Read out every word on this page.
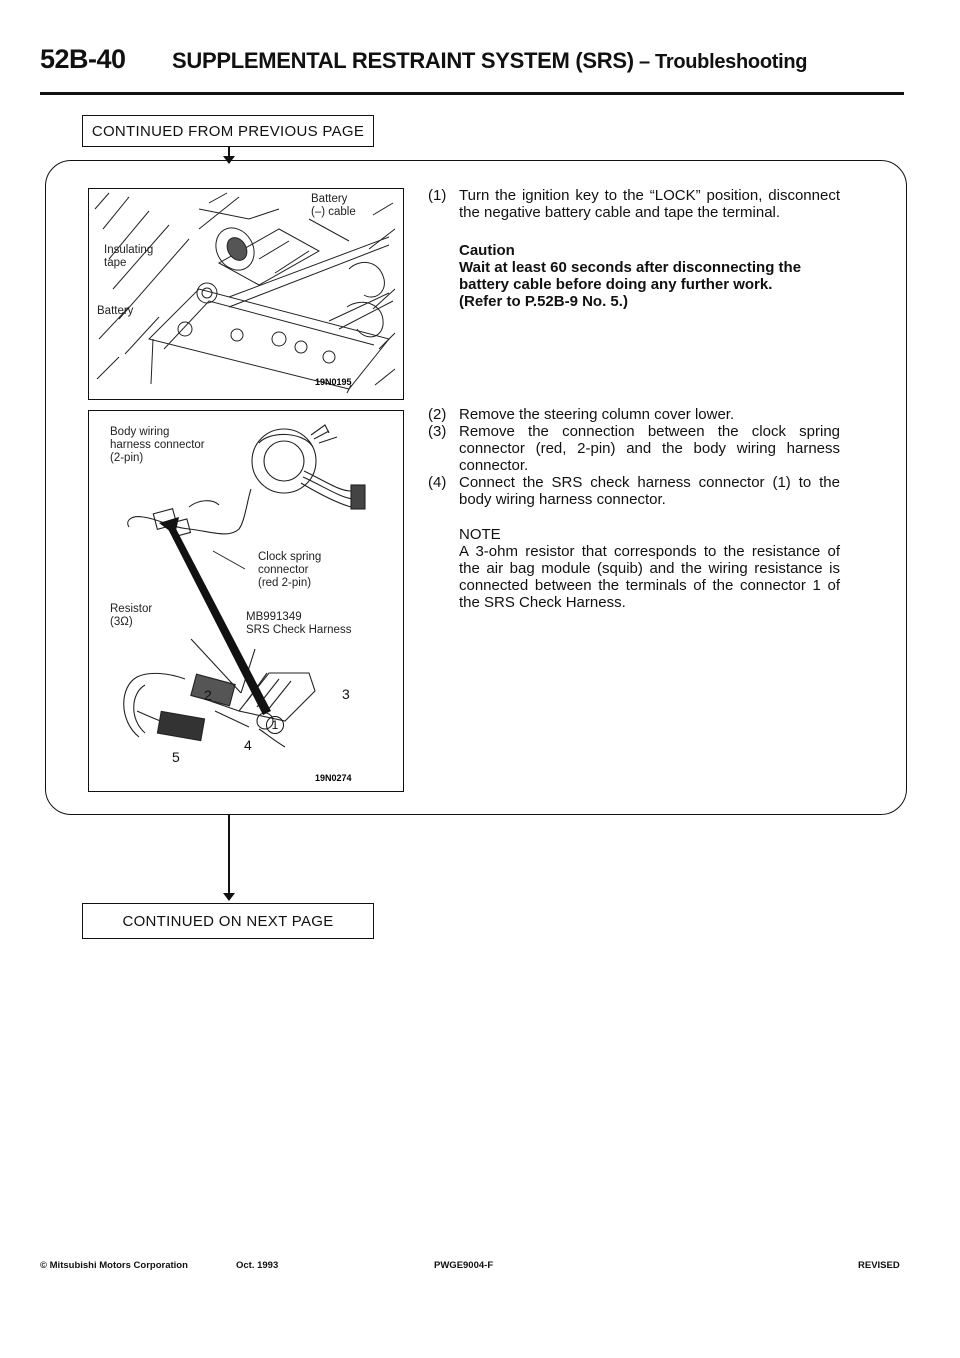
52B-40 SUPPLEMENTAL RESTRAINT SYSTEM (SRS) – Troubleshooting
CONTINUED FROM PREVIOUS PAGE
19N0195
Battery
(–) cable
Insulating
tape
Battery
19N0274
Body wiring
harness connector
(2-pin)
Clock spring
connector
(red 2-pin)
Resistor
(3Ω)	MB991349
SRS Check Harness
2	3
1
4
5
(1) Turn the ignition key to the “LOCK” position, disconnect the negative battery cable and tape the terminal.
Caution
Wait at least 60 seconds after disconnecting the battery cable before doing any further work.
(Refer to P.52B-9 No. 5.)
(2) Remove the steering column cover lower.
(3) Remove the connection between the clock spring connector (red, 2-pin) and the body wiring harness connector.
(4) Connect the SRS check harness connector (1) to the body wiring harness connector.
NOTE
A 3-ohm resistor that corresponds to the resistance of the air bag module (squib) and the wiring resistance is connected between the terminals of the connector 1 of the SRS Check Harness.
CONTINUED ON NEXT PAGE
© Mitsubishi Motors Corporation	Oct. 1993	PWGE9004-F	REVISED
